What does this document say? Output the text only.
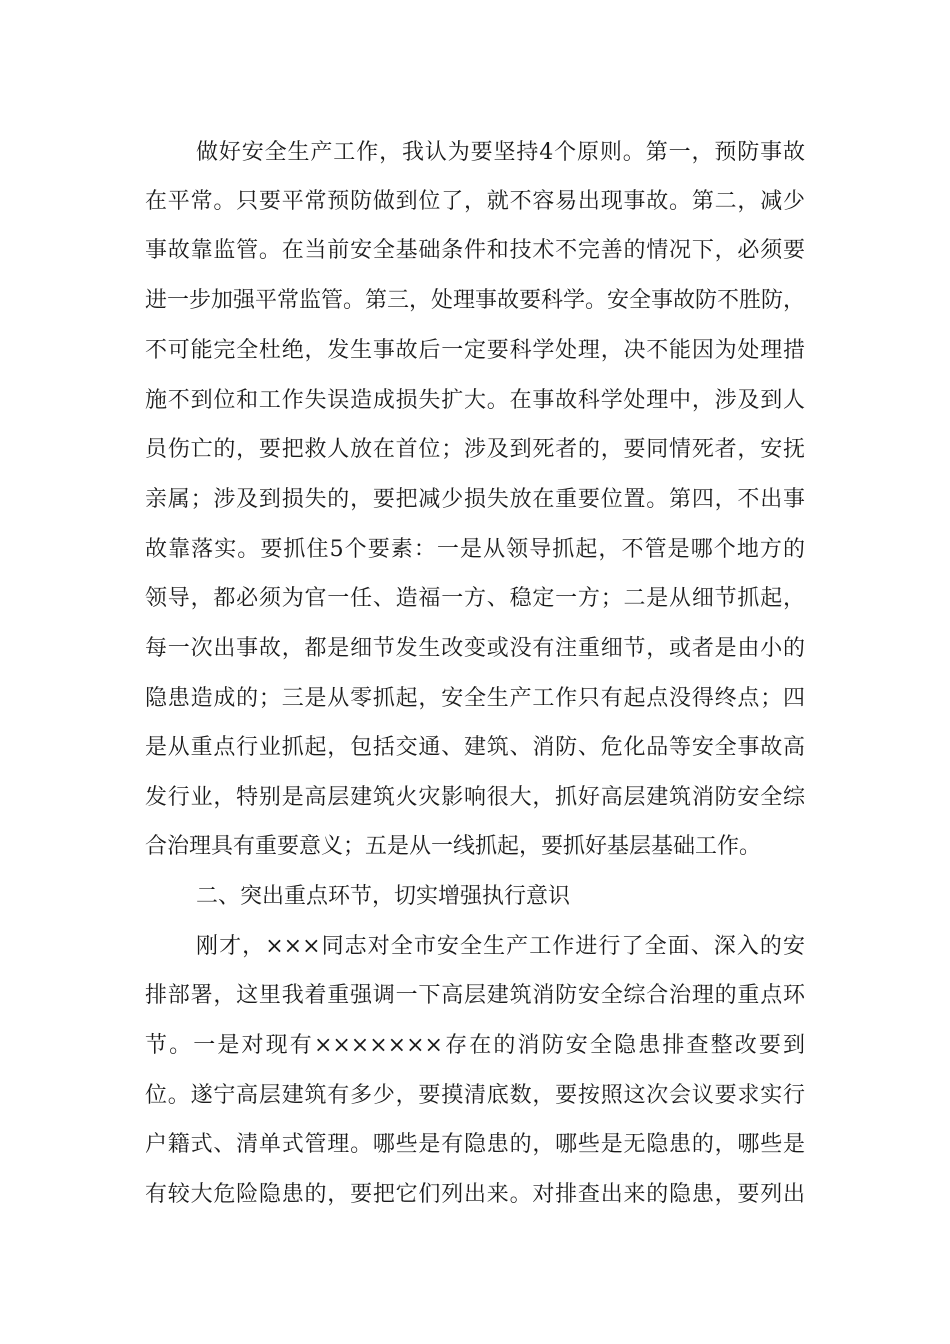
做好安全生产工作，我认为要坚持4个原则。第一，预防事故
在平常。只要平常预防做到位了，就不容易出现事故。第二，减少
事故靠监管。在当前安全基础条件和技术不完善的情况下，必须要
进一步加强平常监管。第三，处理事故要科学。安全事故防不胜防，
不可能完全杜绝，发生事故后一定要科学处理，决不能因为处理措
施不到位和工作失误造成损失扩大。在事故科学处理中，涉及到人
员伤亡的，要把救人放在首位；涉及到死者的，要同情死者，安抚
亲属；涉及到损失的，要把减少损失放在重要位置。第四，不出事
故靠落实。要抓住5个要素：一是从领导抓起，不管是哪个地方的
领导，都必须为官一任、造福一方、稳定一方；二是从细节抓起，
每一次出事故，都是细节发生改变或没有注重细节，或者是由小的
隐患造成的；三是从零抓起，安全生产工作只有起点没得终点；四
是从重点行业抓起，包括交通、建筑、消防、危化品等安全事故高
发行业，特别是高层建筑火灾影响很大，抓好高层建筑消防安全综
合治理具有重要意义；五是从一线抓起，要抓好基层基础工作。
二、突出重点环节，切实增强执行意识
刚才，×××同志对全市安全生产工作进行了全面、深入的安
排部署，这里我着重强调一下高层建筑消防安全综合治理的重点环
节。一是对现有×××××××存在的消防安全隐患排查整改要到
位。遂宁高层建筑有多少，要摸清底数，要按照这次会议要求实行
户籍式、清单式管理。哪些是有隐患的，哪些是无隐患的，哪些是
有较大危险隐患的，要把它们列出来。对排查出来的隐患，要列出
